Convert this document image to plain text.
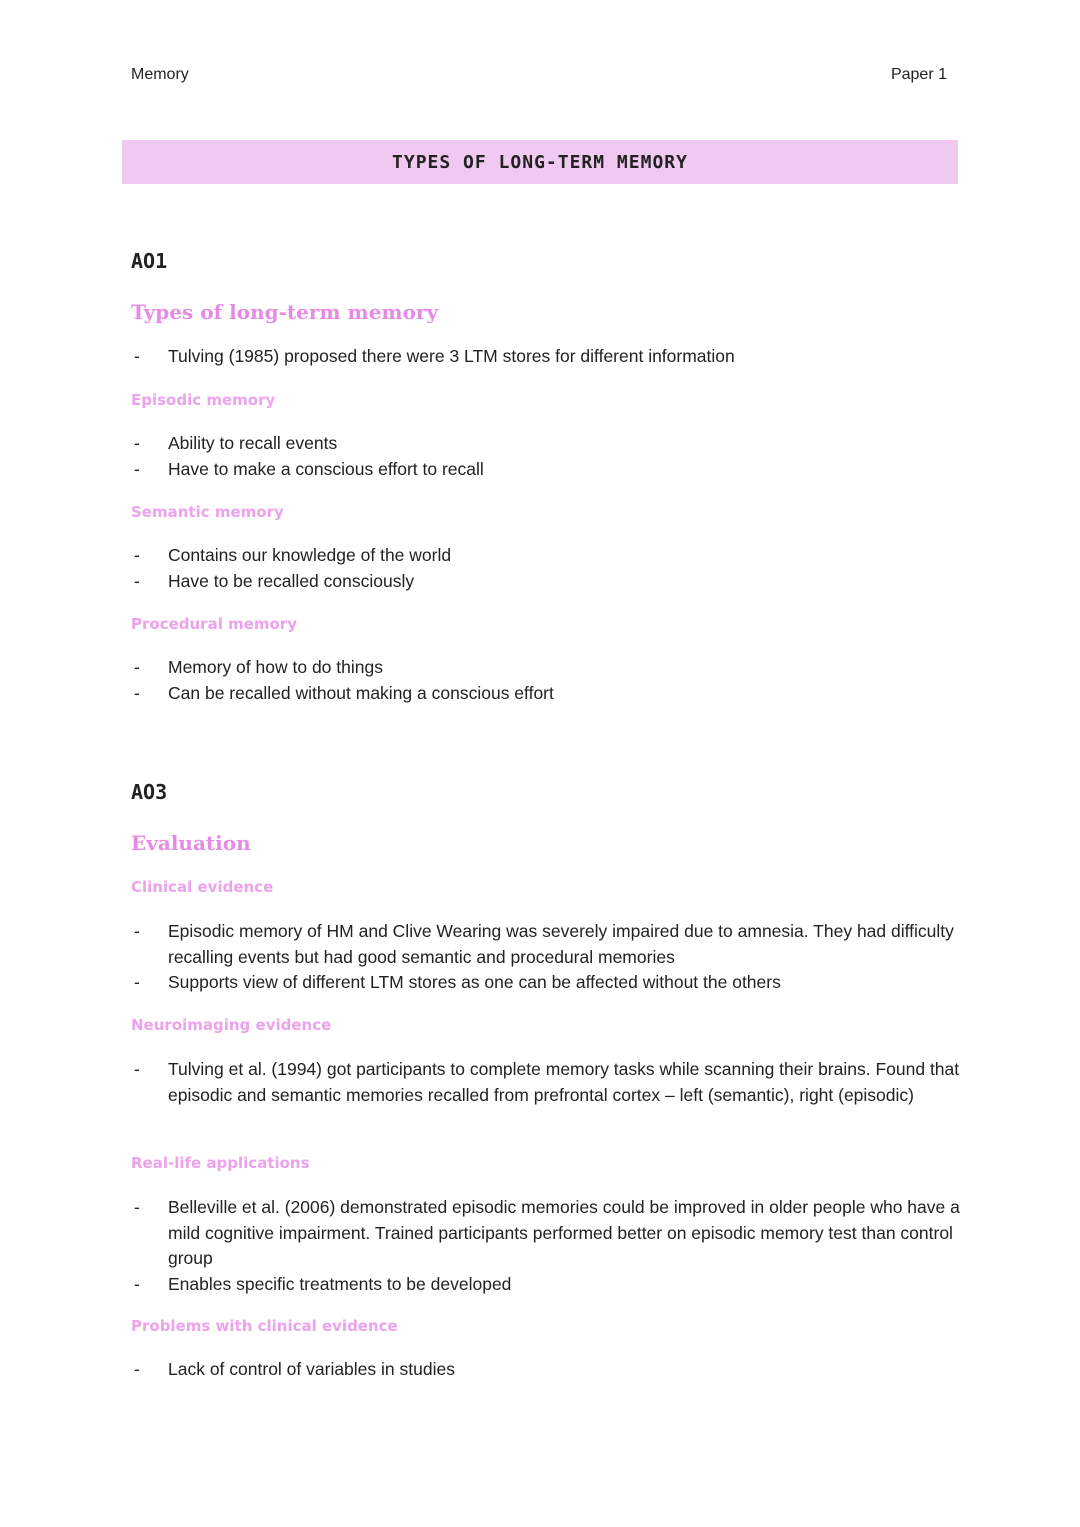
Memory	Paper 1
TYPES OF LONG-TERM MEMORY
AO1
Types of long-term memory
- Tulving (1985) proposed there were 3 LTM stores for different information
Episodic memory
- Ability to recall events
- Have to make a conscious effort to recall
Semantic memory
- Contains our knowledge of the world
- Have to be recalled consciously
Procedural memory
- Memory of how to do things
- Can be recalled without making a conscious effort
AO3
Evaluation
Clinical evidence
- Episodic memory of HM and Clive Wearing was severely impaired due to amnesia. They had difficulty recalling events but had good semantic and procedural memories
- Supports view of different LTM stores as one can be affected without the others
Neuroimaging evidence
- Tulving et al. (1994) got participants to complete memory tasks while scanning their brains. Found that episodic and semantic memories recalled from prefrontal cortex – left (semantic), right (episodic)
Real-life applications
- Belleville et al. (2006) demonstrated episodic memories could be improved in older people who have a mild cognitive impairment. Trained participants performed better on episodic memory test than control group
- Enables specific treatments to be developed
Problems with clinical evidence
- Lack of control of variables in studies
